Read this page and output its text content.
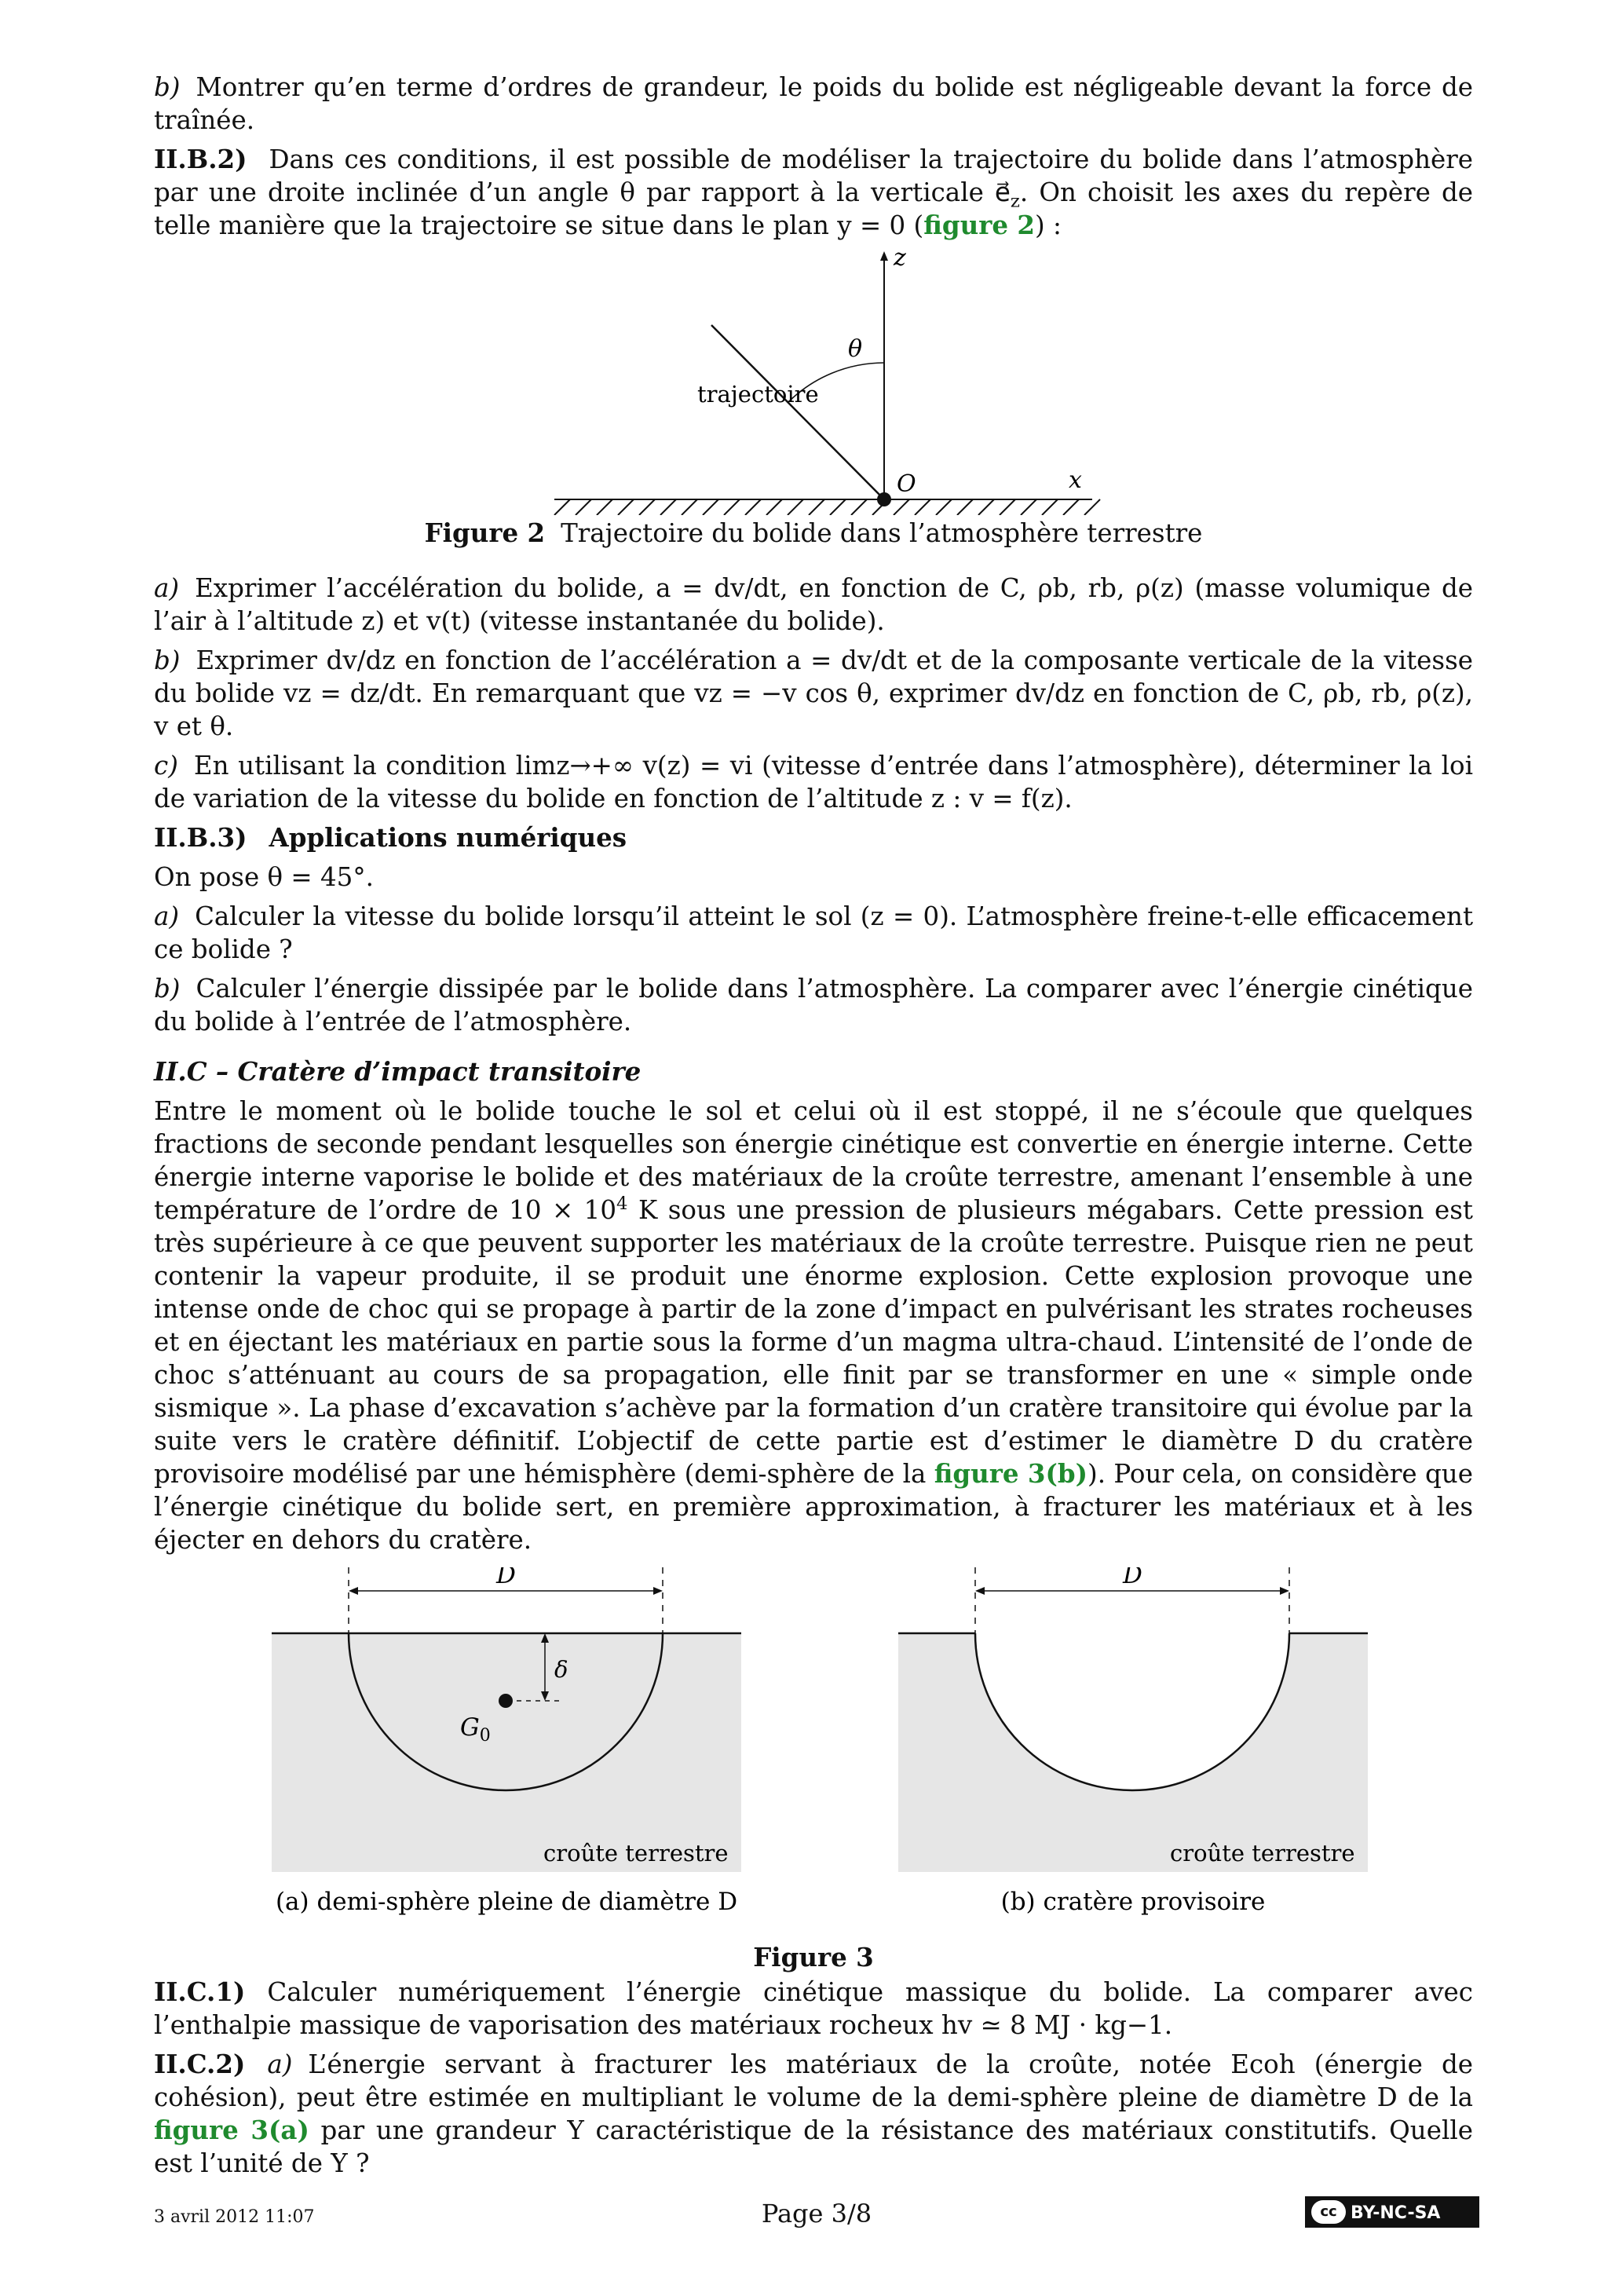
b) Montrer qu’en terme d’ordres de grandeur, le poids du bolide est négligeable devant la force de traînée.

II.B.2) Dans ces conditions, il est possible de modéliser la trajectoire du bolide dans l’atmosphère par une droite inclinée d’un angle θ par rapport à la verticale $e⃗_z$. On choisit les axes du repère de telle manière que la trajectoire se situe dans le plan y = 0 (figure 2) :

z
x
O
θ
trajectoire
Figure 2 Trajectoire du bolide dans l’atmosphère terrestre

a) Exprimer l’accélération du bolide, a = dv/dt, en fonction de C, ρb, rb, ρ(z) (masse volumique de l’air à l’altitude z) et v(t) (vitesse instantanée du bolide).

b) Exprimer dv/dz en fonction de l’accélération a = dv/dt et de la composante verticale de la vitesse du bolide vz = dz/dt. En remarquant que vz = −v cos θ, exprimer dv/dz en fonction de C, ρb, rb, ρ(z), v et θ.

c) En utilisant la condition limz→+∞ v(z) = vi (vitesse d’entrée dans l’atmosphère), déterminer la loi de variation de la vitesse du bolide en fonction de l’altitude z : v = f(z).

II.B.3) Applications numériques

On pose θ = 45°.

a) Calculer la vitesse du bolide lorsqu’il atteint le sol (z = 0). L’atmosphère freine-t-elle efficacement ce bolide ?

b) Calculer l’énergie dissipée par le bolide dans l’atmosphère. La comparer avec l’énergie cinétique du bolide à l’entrée de l’atmosphère.

II.C – Cratère d’impact transitoire

Entre le moment où le bolide touche le sol et celui où il est stoppé, il ne s’écoule que quelques fractions de seconde pendant lesquelles son énergie cinétique est convertie en énergie interne. Cette énergie interne vaporise le bolide et des matériaux de la croûte terrestre, amenant l’ensemble à une température de l’ordre de $10 \times 10^4$ K sous une pression de plusieurs mégabars. Cette pression est très supérieure à ce que peuvent supporter les matériaux de la croûte terrestre. Puisque rien ne peut contenir la vapeur produite, il se produit une énorme explosion. Cette explosion provoque une intense onde de choc qui se propage à partir de la zone d’impact en pulvérisant les strates rocheuses et en éjectant les matériaux en partie sous la forme d’un magma ultra-chaud. L’intensité de l’onde de choc s’atténuant au cours de sa propagation, elle finit par se transformer en une « simple onde sismique ». La phase d’excavation s’achève par la formation d’un cratère transitoire qui évolue par la suite vers le cratère définitif. L’objectif de cette partie est d’estimer le diamètre D du cratère provisoire modélisé par une hémisphère (demi-sphère de la figure 3(b)). Pour cela, on considère que l’énergie cinétique du bolide sert, en première approximation, à fracturer les matériaux et à les éjecter en dehors du cratère.

D
δ
$G_0$
croûte terrestre
D
croûte terrestre
(a) demi-sphère pleine de diamètre D	(b) cratère provisoire
Figure 3

II.C.1) Calculer numériquement l’énergie cinétique massique du bolide. La comparer avec l’enthalpie massique de vaporisation des matériaux rocheux hv ≃ 8 MJ · kg−1.

II.C.2) a) L’énergie servant à fracturer les matériaux de la croûte, notée Ecoh (énergie de cohésion), peut être estimée en multipliant le volume de la demi-sphère pleine de diamètre D de la figure 3(a) par une grandeur Y caractéristique de la résistance des matériaux constitutifs. Quelle est l’unité de Y ?

3 avril 2012 11:07	Page 3/8	cc BY-NC-SA
